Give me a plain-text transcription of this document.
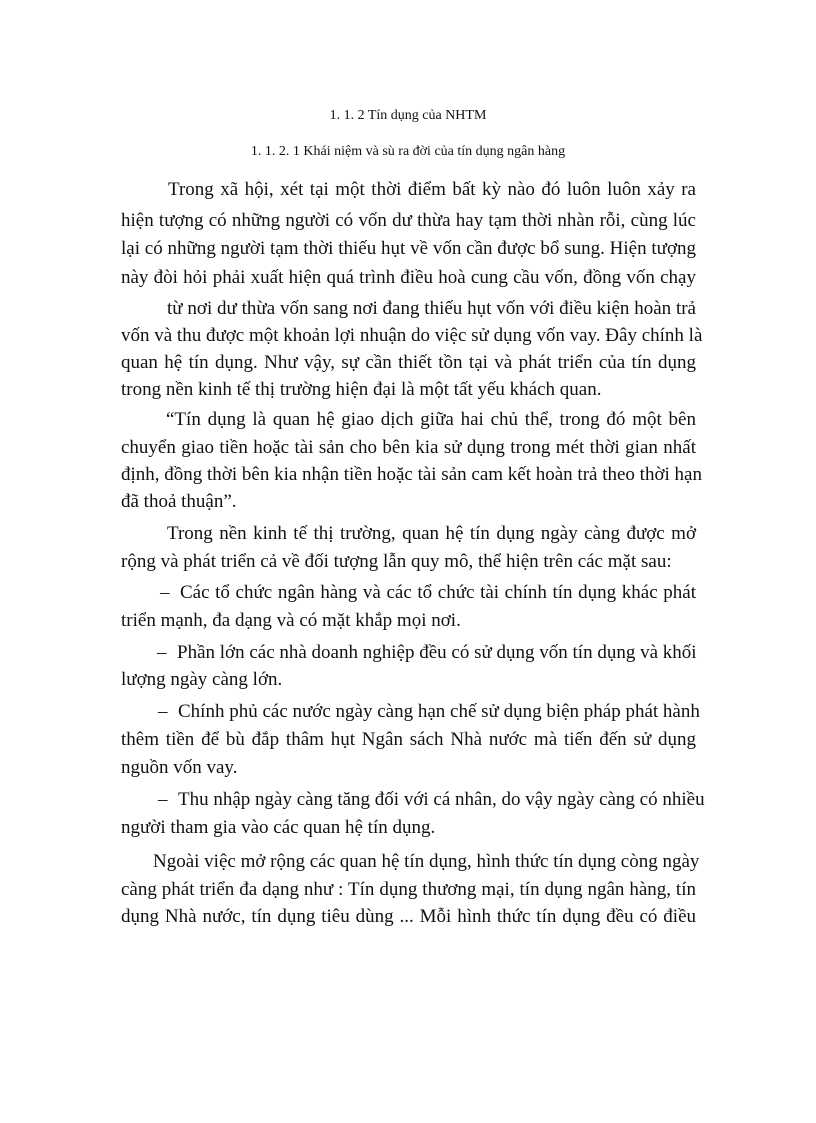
1. 1. 2 Tín dụng của NHTM
1. 1. 2. 1 Khái niệm và sù ra đời của tín dụng ngân hàng
Trong xã hội, xét tại một thời điểm bất kỳ nào đó luôn luôn xảy ra
hiện tượng có những người có vốn dư thừa hay tạm thời nhàn rỗi, cùng lúc
lại có những người tạm thời thiếu hụt về vốn cần được bổ sung. Hiện tượng
này đòi hỏi phải xuất hiện quá trình điều hoà cung cầu vốn, đồng vốn chạy
từ nơi dư thừa vốn sang nơi đang thiếu hụt vốn với điều kiện hoàn trả
vốn và thu được một khoản lợi nhuận do việc sử dụng vốn vay. Đây chính là
quan hệ tín dụng. Như vậy, sự cần thiết tồn tại và phát triển của tín dụng
trong nền kinh tế thị trường hiện đại là một tất yếu khách quan.
“Tín dụng là quan hệ giao dịch giữa hai chủ thể, trong đó một bên
chuyển giao tiền hoặc tài sản cho bên kia sử dụng trong mét thời gian nhất
định, đồng thời bên kia nhận tiền hoặc tài sản cam kết hoàn trả theo thời hạn
đã thoả thuận”.
Trong nền kinh tế thị trường, quan hệ tín dụng ngày càng được mở
rộng và phát triển cả về đối tượng lẫn quy mô, thể hiện trên các mặt sau:
– Các tổ chức ngân hàng và các tổ chức tài chính tín dụng khác phát
triển mạnh, đa dạng và có mặt khắp mọi nơi.
– Phần lớn các nhà doanh nghiệp đều có sử dụng vốn tín dụng và khối
lượng ngày càng lớn.
– Chính phủ các nước ngày càng hạn chế sử dụng biện pháp phát hành
thêm tiền để bù đắp thâm hụt Ngân sách Nhà nước mà tiến đến sử dụng
nguồn vốn vay.
– Thu nhập ngày càng tăng đối với cá nhân, do vậy ngày càng có nhiều
người tham gia vào các quan hệ tín dụng.
Ngoài việc mở rộng các quan hệ tín dụng, hình thức tín dụng còng ngày
càng phát triển đa dạng như : Tín dụng thương mại, tín dụng ngân hàng, tín
dụng Nhà nước, tín dụng tiêu dùng ... Mỗi hình thức tín dụng đều có điều
